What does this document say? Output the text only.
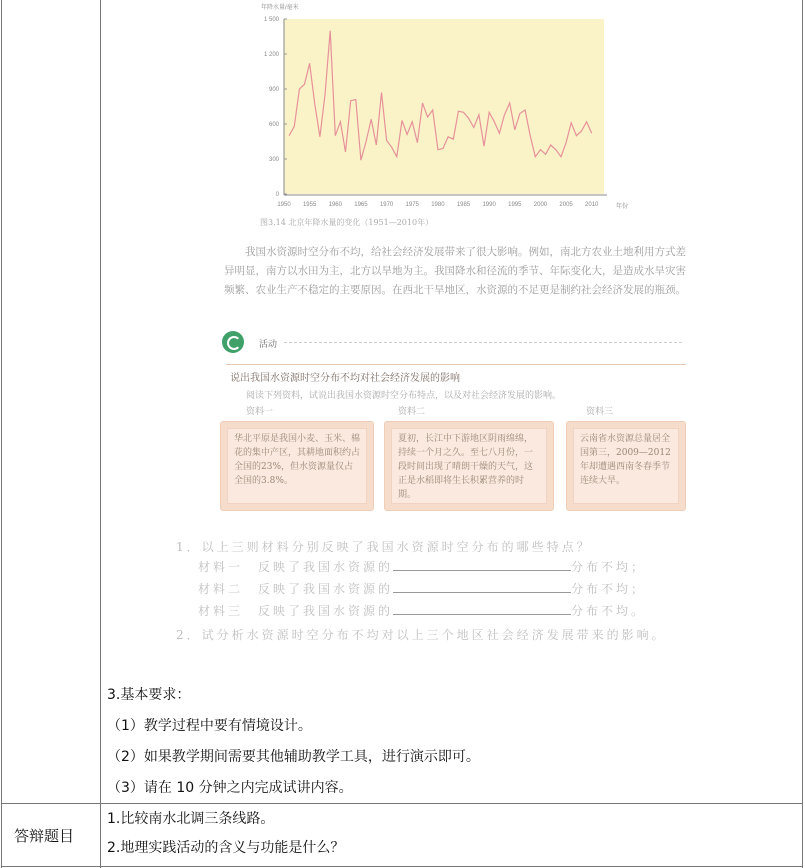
年降水量/毫米
年份
0
300
600
900
1 200
1 500
1950 1955 1960 1965 1970 1975 1980 1985 1990 1995 2000 2005 2010
图3.14 北京年降水量的变化（1951—2010年）
我国水资源时空分布不均，给社会经济发展带来了很大影响。例如，南北方农业土地利用方式差异明显，南方以水田为主，北方以旱地为主。我国降水和径流的季节、年际变化大，是造成水旱灾害频繁、农业生产不稳定的主要原因。在西北干旱地区，水资源的不足更是制约社会经济发展的瓶颈。
活动
说出我国水资源时空分布不均对社会经济发展的影响
阅读下列资料，试说出我国水资源时空分布特点，以及对社会经济发展的影响。
资料一	资料二	资料三
华北平原是我国小麦、玉米、棉花的集中产区，其耕地面积约占全国的23%，但水资源量仅占全国的3.8%。
夏初，长江中下游地区阴雨绵绵，持续一个月之久。至七八月份，一段时间出现了晴朗干燥的天气，这正是水稻即将生长积累营养的时期。
云南省水资源总量居全国第三，2009—2012年却遭遇西南冬春季节连续大旱。
1．以上三则材料分别反映了我国水资源时空分布的哪些特点？
材料一　反映了我国水资源的	分布不均；
材料二　反映了我国水资源的	分布不均；
材料三　反映了我国水资源的	分布不均。
2．试分析水资源时空分布不均对以上三个地区社会经济发展带来的影响。
3.基本要求：
（1）教学过程中要有情境设计。
（2）如果教学期间需要其他辅助教学工具，进行演示即可。
（3）请在 10 分钟之内完成试讲内容。
答辩题目
1.比较南水北调三条线路。
2.地理实践活动的含义与功能是什么？
